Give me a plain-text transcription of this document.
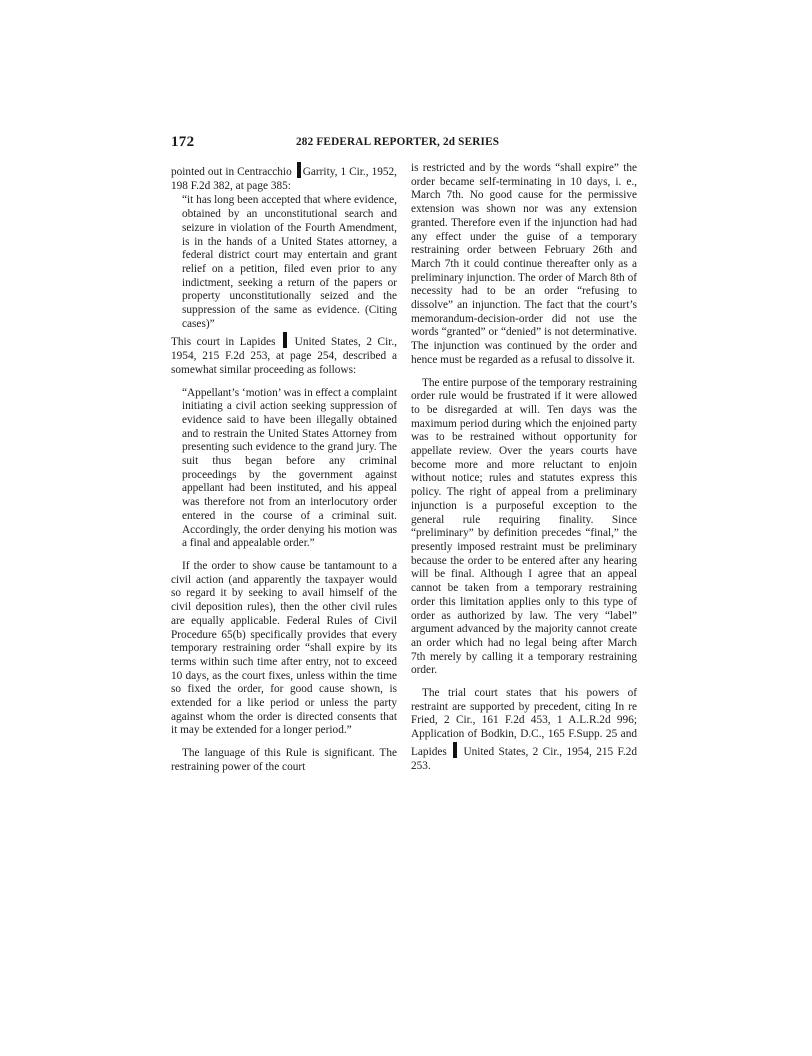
172	282 FEDERAL REPORTER, 2d SERIES

pointed out in Centracchio Garrity, 1 Cir., 1952, 198 F.2d 382, at page 385:

“it has long been accepted that where evidence, obtained by an unconstitutional search and seizure in violation of the Fourth Amendment, is in the hands of a United States attorney, a federal district court may entertain and grant relief on a petition, filed even prior to any indictment, seeking a return of the papers or property unconstitutionally seized and the suppression of the same as evidence. (Citing cases)”

This court in Lapides United States, 2 Cir., 1954, 215 F.2d 253, at page 254, described a somewhat similar proceeding as follows:

“Appellant’s ‘motion’ was in effect a complaint initiating a civil action seeking suppression of evidence said to have been illegally obtained and to restrain the United States Attorney from presenting such evidence to the grand jury. The suit thus began before any criminal proceedings by the government against appellant had been instituted, and his appeal was therefore not from an interlocutory order entered in the course of a criminal suit. Accordingly, the order denying his motion was a final and appealable order.”

If the order to show cause be tantamount to a civil action (and apparently the taxpayer would so regard it by seeking to avail himself of the civil deposition rules), then the other civil rules are equally applicable. Federal Rules of Civil Procedure 65(b) specifically provides that every temporary restraining order “shall expire by its terms within such time after entry, not to exceed 10 days, as the court fixes, unless within the time so fixed the order, for good cause shown, is extended for a like period or unless the party against whom the order is directed consents that it may be extended for a longer period.”

The language of this Rule is significant. The restraining power of the court

is restricted and by the words “shall expire” the order became self-terminating in 10 days, i. e., March 7th. No good cause for the permissive extension was shown nor was any extension granted. Therefore even if the injunction had had any effect under the guise of a temporary restraining order between February 26th and March 7th it could continue thereafter only as a preliminary injunction. The order of March 8th of necessity had to be an order “refusing to dissolve” an injunction. The fact that the court’s memorandum-decision-order did not use the words “granted” or “denied” is not determinative. The injunction was continued by the order and hence must be regarded as a refusal to dissolve it.

The entire purpose of the temporary restraining order rule would be frustrated if it were allowed to be disregarded at will. Ten days was the maximum period during which the enjoined party was to be restrained without opportunity for appellate review. Over the years courts have become more and more reluctant to enjoin without notice; rules and statutes express this policy. The right of appeal from a preliminary injunction is a purposeful exception to the general rule requiring finality. Since “preliminary” by definition precedes “final,” the presently imposed restraint must be preliminary because the order to be entered after any hearing will be final. Although I agree that an appeal cannot be taken from a temporary restraining order this limitation applies only to this type of order as authorized by law. The very “label” argument advanced by the majority cannot create an order which had no legal being after March 7th merely by calling it a temporary restraining order.

The trial court states that his powers of restraint are supported by precedent, citing In re Fried, 2 Cir., 161 F.2d 453, 1 A.L.R.2d 996; Application of Bodkin, D.C., 165 F.Supp. 25 and Lapides United States, 2 Cir., 1954, 215 F.2d 253.
